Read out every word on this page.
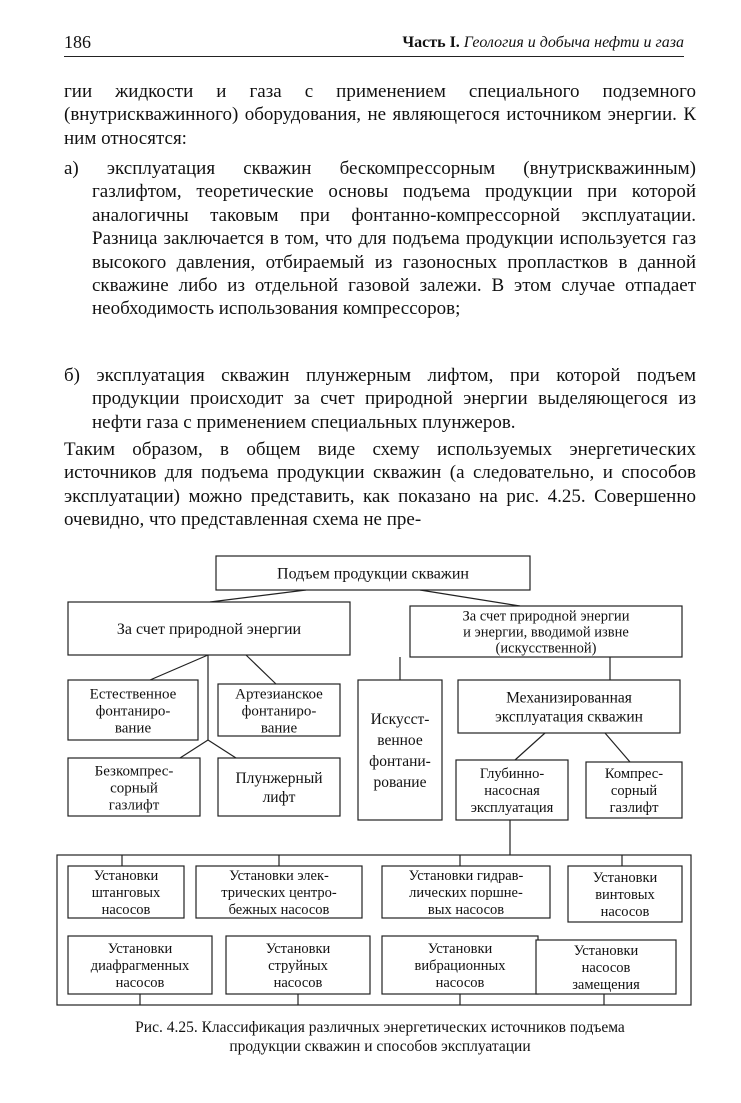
186	Часть I. Геология и добыча нефти и газа

гии жидкости и газа с применением специального подземного (внутрискважинного) оборудования, не являющегося источником энергии. К ним относятся:

а) эксплуатация скважин бескомпрессорным (внутрискважинным) газлифтом, теоретические основы подъема продукции при которой аналогичны таковым при фонтанно-компрессорной эксплуатации. Разница заключается в том, что для подъема продукции используется газ высокого давления, отбираемый из газоносных пропластков в данной скважине либо из отдельной газовой залежи. В этом случае отпадает необходимость использования компрессоров;

б) эксплуатация скважин плунжерным лифтом, при которой подъем продукции происходит за счет природной энергии выделяющегося из нефти газа с применением специальных плунжеров.

Таким образом, в общем виде схему используемых энергетических источников для подъема продукции скважин (а следовательно, и способов эксплуатации) можно представить, как показано на рис. 4.25. Совершенно очевидно, что представленная схема не пре-

Подъем продукции скважин
За счет природной энергии
За счет природной энергии
и энергии, вводимой извне
(искусственной)
Естественное
фонтаниро-
вание
Артезианское
фонтаниро-
вание
Безкомпрес-
сорный
газлифт
Плунжерный
лифт
Искусст-
венное
фонтани-
рование
Механизированная
эксплуатация скважин
Глубинно-
насосная
эксплуатация
Компрес-
сорный
газлифт
Установки
штанговых
насосов
Установки элек-
трических центро-
бежных насосов
Установки гидрав-
лических поршне-
вых насосов
Установки
винтовых
насосов
Установки
диафрагменных
насосов
Установки
струйных
насосов
Установки
вибрационных
насосов
Установки
насосов
замещения
Рис. 4.25. Классификация различных энергетических источников подъема
продукции скважин и способов эксплуатации
